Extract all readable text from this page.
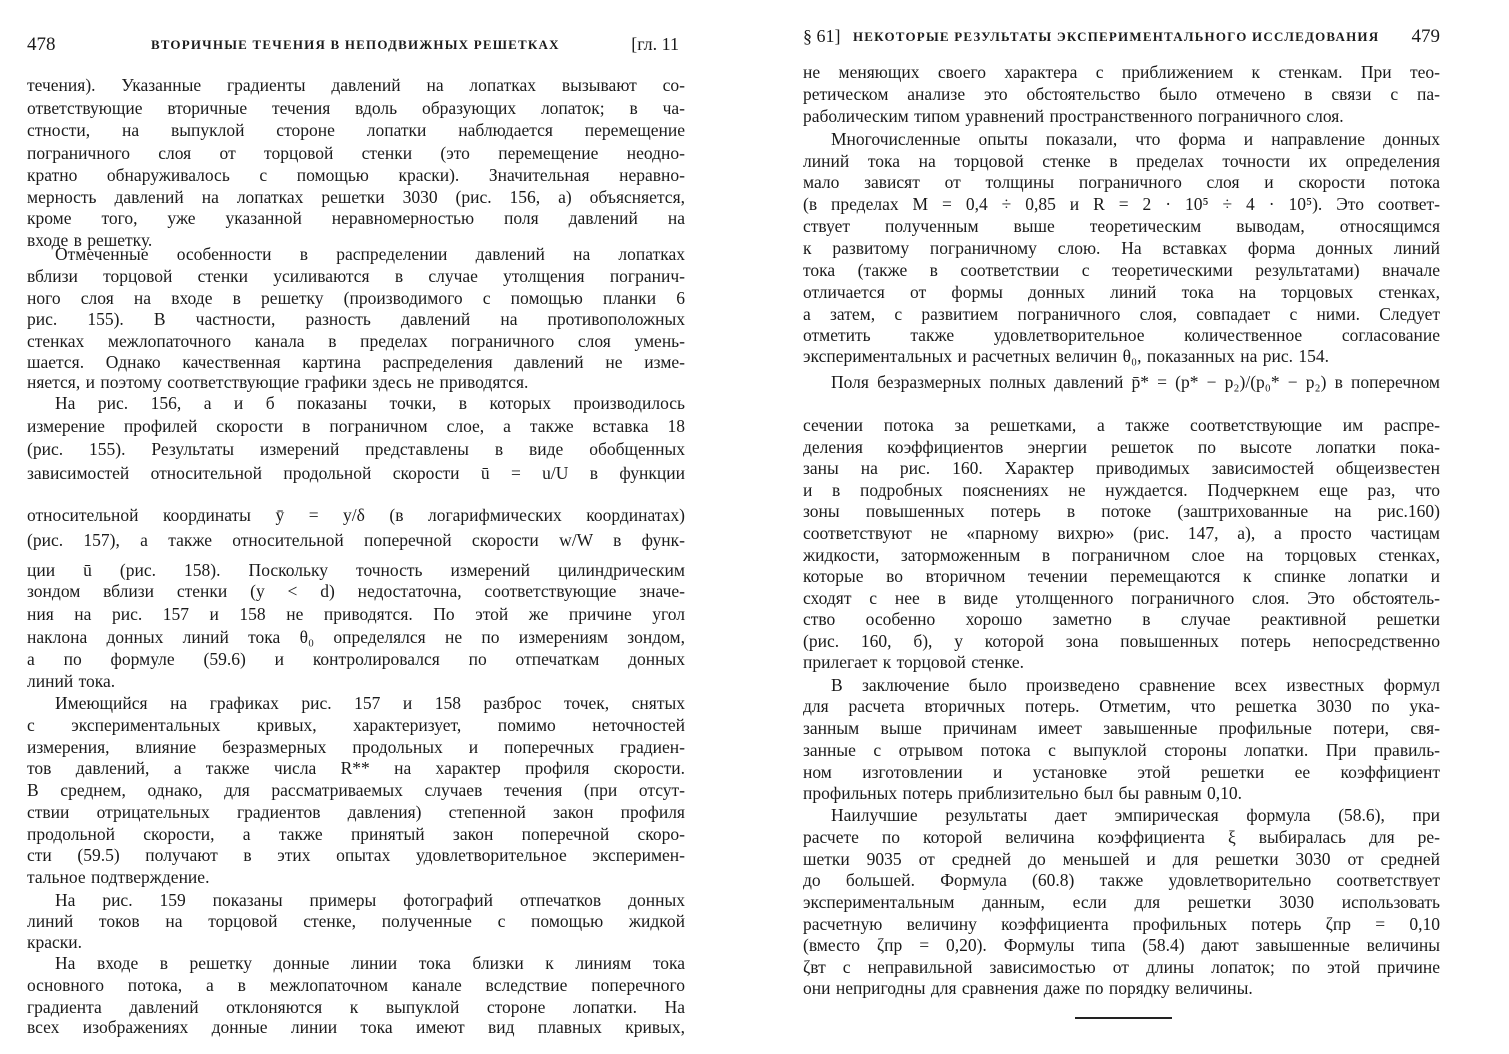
478	ВТОРИЧНЫЕ ТЕЧЕНИЯ В НЕПОДВИЖНЫХ РЕШЕТКАХ	[гл. 11
течения). Указанные градиенты давлений на лопатках вызывают со-
ответствующие вторичные течения вдоль образующих лопаток; в ча-
стности, на выпуклой стороне лопатки наблюдается перемещение
пограничного слоя от торцовой стенки (это перемещение неодно-
кратно обнаруживалось с помощью краски). Значительная неравно-
мерность давлений на лопатках решетки 3030 (рис. 156, а) объясняется,
кроме того, уже указанной неравномерностью поля давлений на
входе в решетку.
Отмеченные особенности в распределении давлений на лопатках
вблизи торцовой стенки усиливаются в случае утолщения погранич-
ного слоя на входе в решетку (производимого с помощью планки 6
рис. 155). В частности, разность давлений на противоположных
стенках межлопаточного канала в пределах пограничного слоя умень-
шается. Однако качественная картина распределения давлений не изме-
няется, и поэтому соответствующие графики здесь не приводятся.
На рис. 156, а и б показаны точки, в которых производилось
измерение профилей скорости в пограничном слое, а также вставка 18
(рис. 155). Результаты измерений представлены в виде обобщенных
зависимостей относительной продольной скорости ū = u/U в функции
относительной координаты ȳ = y/δ (в логарифмических координатах)
(рис. 157), а также относительной поперечной скорости w/W в функ-
ции ū (рис. 158). Поскольку точность измерений цилиндрическим
зондом вблизи стенки (y < d) недостаточна, соответствующие значе-
ния на рис. 157 и 158 не приводятся. По этой же причине угол
наклона донных линий тока θ₀ определялся не по измерениям зондом,
а по формуле (59.6) и контролировался по отпечаткам донных
линий тока.
Имеющийся на графиках рис. 157 и 158 разброс точек, снятых
с экспериментальных кривых, характеризует, помимо неточностей
измерения, влияние безразмерных продольных и поперечных градиен-
тов давлений, а также числа R** на характер профиля скорости.
В среднем, однако, для рассматриваемых случаев течения (при отсут-
ствии отрицательных градиентов давления) степенной закон профиля
продольной скорости, а также принятый закон поперечной скоро-
сти (59.5) получают в этих опытах удовлетворительное эксперимен-
тальное подтверждение.
На рис. 159 показаны примеры фотографий отпечатков донных
линий токов на торцовой стенке, полученные с помощью жидкой
краски.
На входе в решетку донные линии тока близки к линиям тока
основного потока, а в межлопаточном канале вследствие поперечного
градиента давлений отклоняются к выпуклой стороне лопатки. На
всех изображениях донные линии тока имеют вид плавных кривых,
§ 61] НЕКОТОРЫЕ РЕЗУЛЬТАТЫ ЭКСПЕРИМЕНТАЛЬНОГО ИССЛЕДОВАНИЯ 479
не меняющих своего характера с приближением к стенкам. При тео-
ретическом анализе это обстоятельство было отмечено в связи с па-
раболическим типом уравнений пространственного пограничного слоя.
Многочисленные опыты показали, что форма и направление донных
линий тока на торцовой стенке в пределах точности их определения
мало зависят от толщины пограничного слоя и скорости потока
(в пределах M = 0,4 ÷ 0,85 и R = 2 · 10⁵ ÷ 4 · 10⁵). Это соответ-
ствует полученным выше теоретическим выводам, относящимся
к развитому пограничному слою. На вставках форма донных линий
тока (также в соответствии с теоретическими результатами) вначале
отличается от формы донных линий тока на торцовых стенках,
а затем, с развитием пограничного слоя, совпадает с ними. Следует
отметить также удовлетворительное количественное согласование
экспериментальных и расчетных величин θ₀, показанных на рис. 154.
Поля безразмерных полных давлений p̄* = (p* − p₂)/(p₀* − p₂) в поперечном
сечении потока за решетками, а также соответствующие им распре-
деления коэффициентов энергии решеток по высоте лопатки пока-
заны на рис. 160. Характер приводимых зависимостей общеизвестен
и в подробных пояснениях не нуждается. Подчеркнем еще раз, что
зоны повышенных потерь в потоке (заштрихованные на рис.160)
соответствуют не «парному вихрю» (рис. 147, а), а просто частицам
жидкости, заторможенным в пограничном слое на торцовых стенках,
которые во вторичном течении перемещаются к спинке лопатки и
сходят с нее в виде утолщенного пограничного слоя. Это обстоятель-
ство особенно хорошо заметно в случае реактивной решетки
(рис. 160, б), у которой зона повышенных потерь непосредственно
прилегает к торцовой стенке.
В заключение было произведено сравнение всех известных формул
для расчета вторичных потерь. Отметим, что решетка 3030 по ука-
занным выше причинам имеет завышенные профильные потери, свя-
занные с отрывом потока с выпуклой стороны лопатки. При правиль-
ном изготовлении и установке этой решетки ее коэффициент
профильных потерь приблизительно был бы равным 0,10.
Наилучшие результаты дает эмпирическая формула (58.6), при
расчете по которой величина коэффициента ξ выбиралась для ре-
шетки 9035 от средней до меньшей и для решетки 3030 от средней
до большей. Формула (60.8) также удовлетворительно соответствует
экспериментальным данным, если для решетки 3030 использовать
расчетную величину коэффициента профильных потерь ζпр = 0,10
(вместо ζпр = 0,20). Формулы типа (58.4) дают завышенные величины
ζвт с неправильной зависимостью от длины лопаток; по этой причине
они непригодны для сравнения даже по порядку величины.
